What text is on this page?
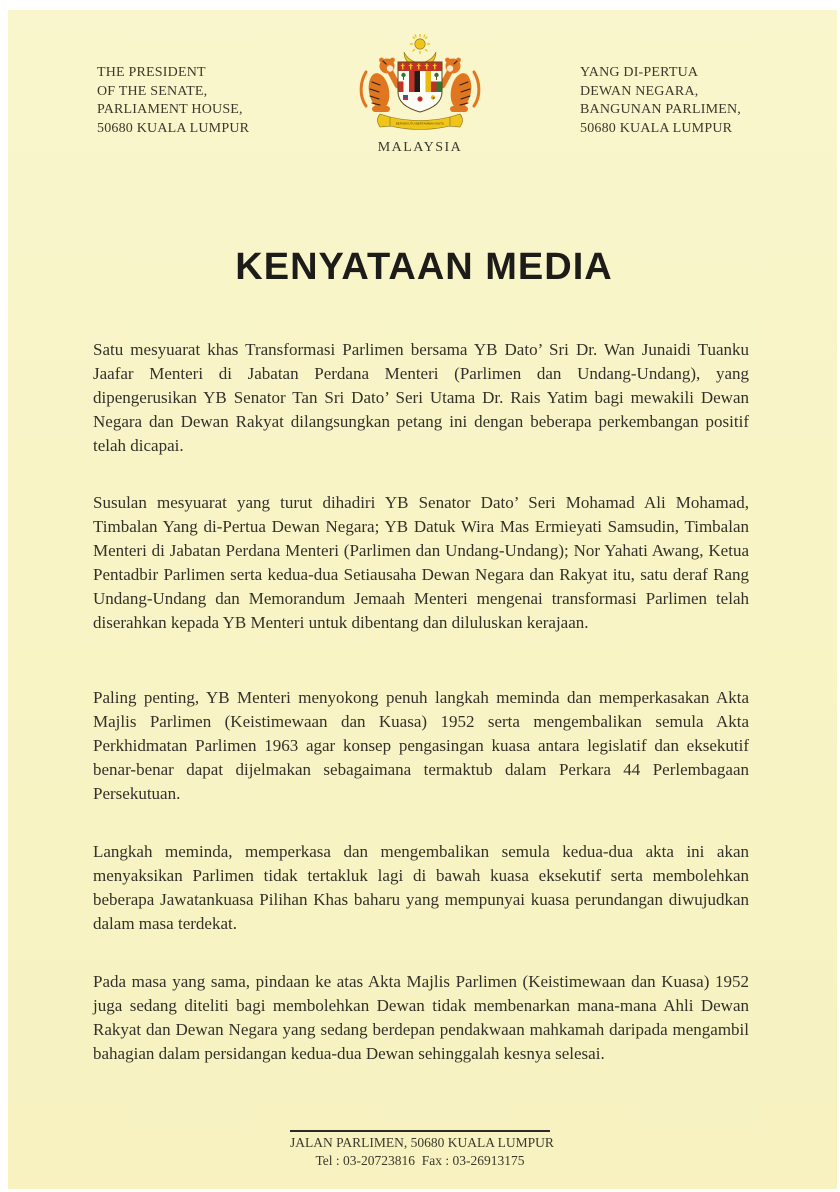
THE PRESIDENT
OF THE SENATE,
PARLIAMENT HOUSE,
50680 KUALA LUMPUR	BERSEKUTU BERTAMBAH MUTU
MALAYSIA
YANG DI-PERTUA
DEWAN NEGARA,
BANGUNAN PARLIMEN,
50680 KUALA LUMPUR
KENYATAAN MEDIA

Satu mesyuarat khas Transformasi Parlimen bersama YB Dato’ Sri Dr. Wan Junaidi Tuanku Jaafar Menteri di Jabatan Perdana Menteri (Parlimen dan Undang-Undang), yang dipengerusikan YB Senator Tan Sri Dato’ Seri Utama Dr. Rais Yatim bagi mewakili Dewan Negara dan Dewan Rakyat dilangsungkan petang ini dengan beberapa perkembangan positif telah dicapai.

Susulan mesyuarat yang turut dihadiri YB Senator Dato’ Seri Mohamad Ali Mohamad, Timbalan Yang di-Pertua Dewan Negara; YB Datuk Wira Mas Ermieyati Samsudin, Timbalan Menteri di Jabatan Perdana Menteri (Parlimen dan Undang-Undang); Nor Yahati Awang, Ketua Pentadbir Parlimen serta kedua-dua Setiausaha Dewan Negara dan Rakyat itu, satu deraf Rang Undang-Undang dan Memorandum Jemaah Menteri mengenai transformasi Parlimen telah diserahkan kepada YB Menteri untuk dibentang dan diluluskan kerajaan.

Paling penting, YB Menteri menyokong penuh langkah meminda dan memperkasakan Akta Majlis Parlimen (Keistimewaan dan Kuasa) 1952 serta mengembalikan semula Akta Perkhidmatan Parlimen 1963 agar konsep pengasingan kuasa antara legislatif dan eksekutif benar-benar dapat dijelmakan sebagaimana termaktub dalam Perkara 44 Perlembagaan Persekutuan.

Langkah meminda, memperkasa dan mengembalikan semula kedua-dua akta ini akan menyaksikan Parlimen tidak tertakluk lagi di bawah kuasa eksekutif serta membolehkan beberapa Jawatankuasa Pilihan Khas baharu yang mempunyai kuasa perundangan diwujudkan dalam masa terdekat.

Pada masa yang sama, pindaan ke atas Akta Majlis Parlimen (Keistimewaan dan Kuasa) 1952 juga sedang diteliti bagi membolehkan Dewan tidak membenarkan mana-mana Ahli Dewan Rakyat dan Dewan Negara yang sedang berdepan pendakwaan mahkamah daripada mengambil bahagian dalam persidangan kedua-dua Dewan sehinggalah kesnya selesai.

JALAN PARLIMEN, 50680 KUALA LUMPUR
Tel : 03-20723816  Fax : 03-26913175
